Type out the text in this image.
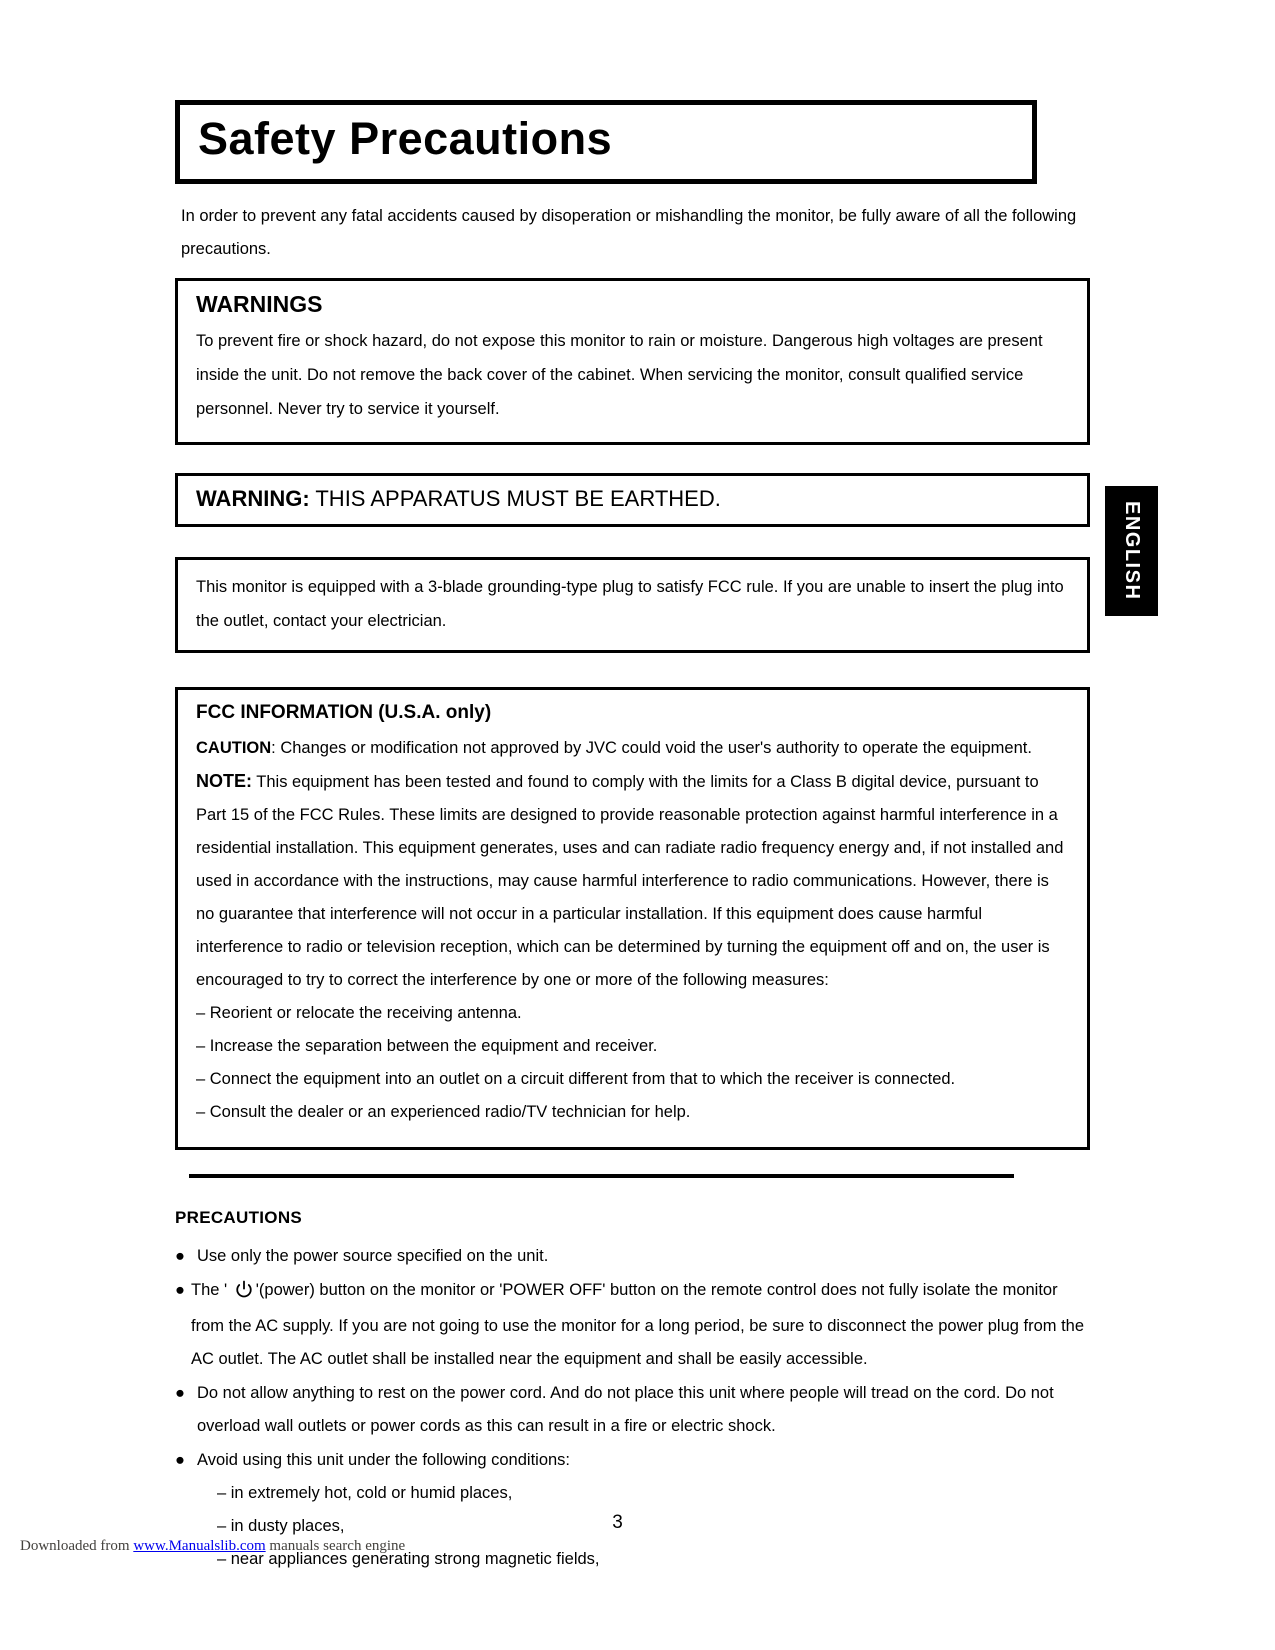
Safety Precautions

In order to prevent any fatal accidents caused by disoperation or mishandling the monitor, be fully aware of all the following precautions.

WARNINGS

To prevent fire or shock hazard, do not expose this monitor to rain or moisture. Dangerous high voltages are present inside the unit. Do not remove the back cover of the cabinet. When servicing the monitor, consult qualified service personnel. Never try to service it yourself.

WARNING: THIS APPARATUS MUST BE EARTHED.

This monitor is equipped with a 3-blade grounding-type plug to satisfy FCC rule. If you are unable to insert the plug into the outlet, contact your electrician.

FCC INFORMATION (U.S.A. only)

CAUTION: Changes or modification not approved by JVC could void the user's authority to operate the equipment.

NOTE: This equipment has been tested and found to comply with the limits for a Class B digital device, pursuant to Part 15 of the FCC Rules. These limits are designed to provide reasonable protection against harmful interference in a residential installation. This equipment generates, uses and can radiate radio frequency energy and, if not installed and used in accordance with the instructions, may cause harmful interference to radio communications. However, there is no guarantee that interference will not occur in a particular installation. If this equipment does cause harmful interference to radio or television reception, which can be determined by turning the equipment off and on, the user is encouraged to try to correct the interference by one or more of the following measures:

– Reorient or relocate the receiving antenna.

– Increase the separation between the equipment and receiver.

– Connect the equipment into an outlet on a circuit different from that to which the receiver is connected.

– Consult the dealer or an experienced radio/TV technician for help.

PRECAUTIONS

● Use only the power source specified on the unit.

● The ' '(power) button on the monitor or 'POWER OFF' button on the remote control does not fully isolate the monitor from the AC supply. If you are not going to use the monitor for a long period, be sure to disconnect the power plug from the AC outlet. The AC outlet shall be installed near the equipment and shall be easily accessible.

● Do not allow anything to rest on the power cord. And do not place this unit where people will tread on the cord. Do not overload wall outlets or power cords as this can result in a fire or electric shock.

● Avoid using this unit under the following conditions:

– in extremely hot, cold or humid places,

– in dusty places,

– near appliances generating strong magnetic fields,

ENGLISH
3
Downloaded from www.Manualslib.com manuals search engine
